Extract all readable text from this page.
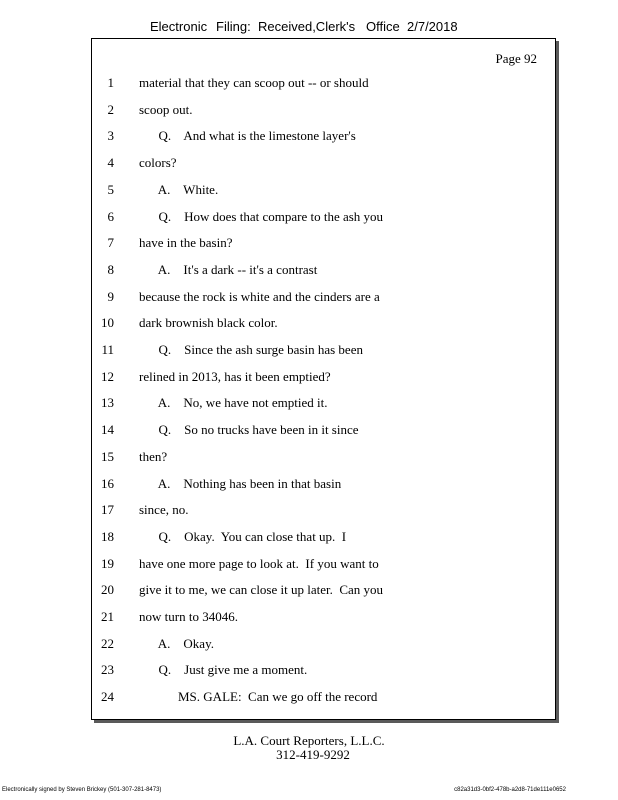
Electronic Filing: Received,Clerk's Office 2/7/2018
Page 92
1 material that they can scoop out -- or should
2 scoop out.
3 Q.    And what is the limestone layer's
4 colors?
5 A.    White.
6 Q.    How does that compare to the ash you
7 have in the basin?
8 A.    It's a dark -- it's a contrast
9 because the rock is white and the cinders are a
10 dark brownish black color.
11 Q.    Since the ash surge basin has been
12 relined in 2013, has it been emptied?
13 A.    No, we have not emptied it.
14 Q.    So no trucks have been in it since
15 then?
16 A.    Nothing has been in that basin
17 since, no.
18 Q.    Okay.  You can close that up.  I
19 have one more page to look at.  If you want to
20 give it to me, we can close it up later.  Can you
21 now turn to 34046.
22 A.    Okay.
23 Q.    Just give me a moment.
24 MS. GALE:  Can we go off the record
L.A. Court Reporters, L.L.C.
312-419-9292
Electronically signed by Steven Brickey (501-307-281-8473)	c82a31d3-0bf2-478b-a2d8-71de111e0652
